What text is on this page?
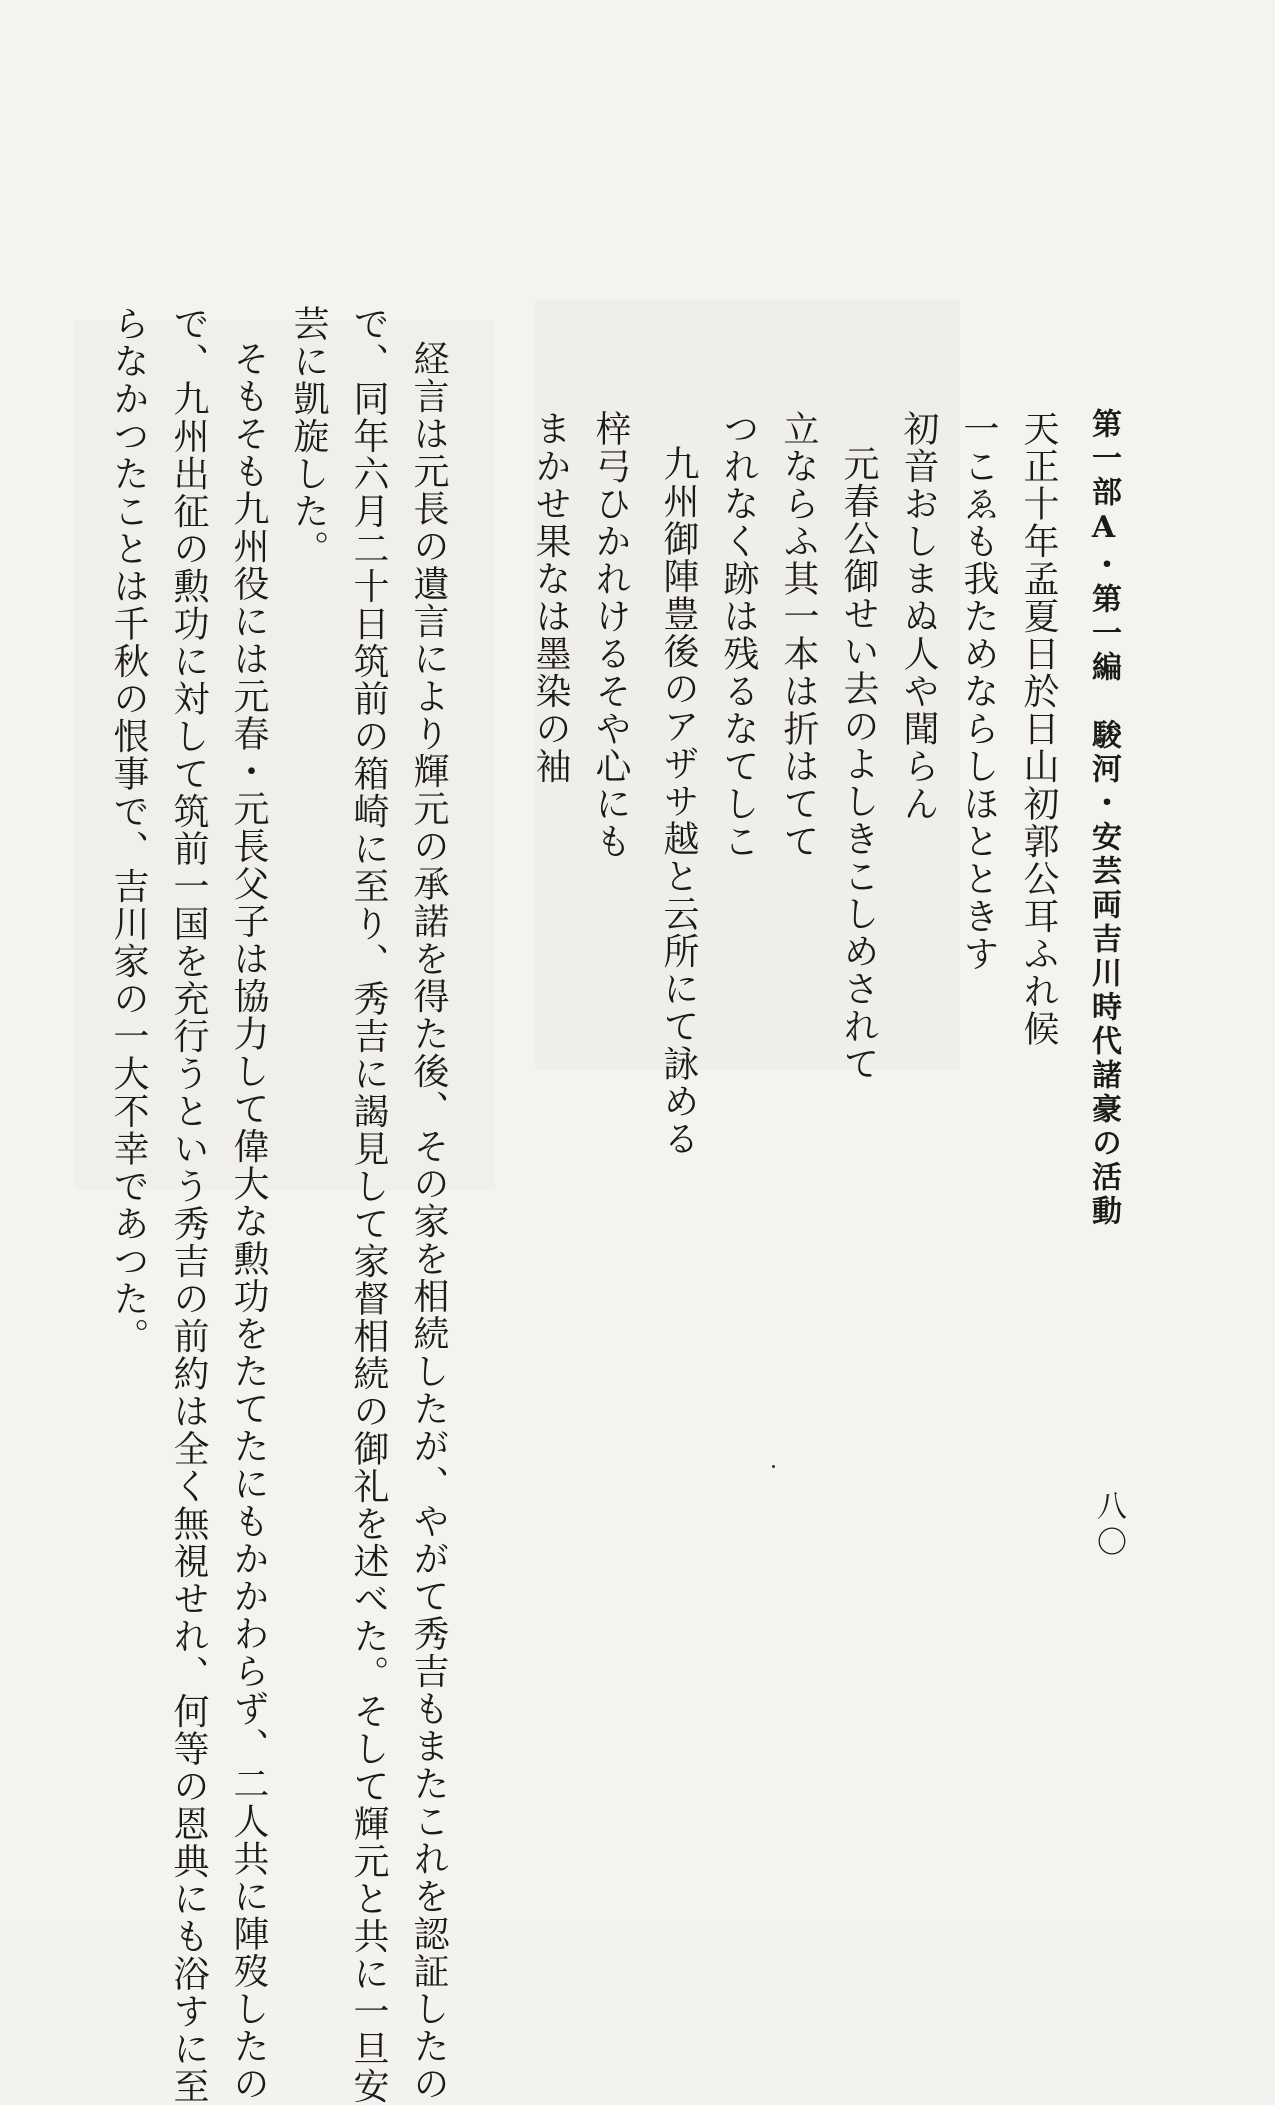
第一部A・第一編　駿河・安芸両吉川時代諸豪の活動

八〇

天正十年孟夏日於日山初郭公耳ふれ候

一こゑも我ためならしほとときす

初音おしまぬ人や聞らん

元春公御せい去のよしきこしめされて

立ならふ其一本は折はてて

つれなく跡は残るなてしこ

九州御陣豊後のアザサ越と云所にて詠める

梓弓ひかれけるそや心にも

まかせ果なは墨染の袖

経言は元長の遺言により輝元の承諾を得た後、その家を相続したが、やがて秀吉もまたこれを認証したの

で、同年六月二十日筑前の箱崎に至り、秀吉に謁見して家督相続の御礼を述べた。そして輝元と共に一旦安

芸に凱旋した。

そもそも九州役には元春・元長父子は協力して偉大な勲功をたてたにもかかわらず、二人共に陣歿したの

で、九州出征の勲功に対して筑前一国を充行うという秀吉の前約は全く無視せれ、何等の恩典にも浴すに至

らなかつたことは千秋の恨事で、吉川家の一大不幸であつた。
